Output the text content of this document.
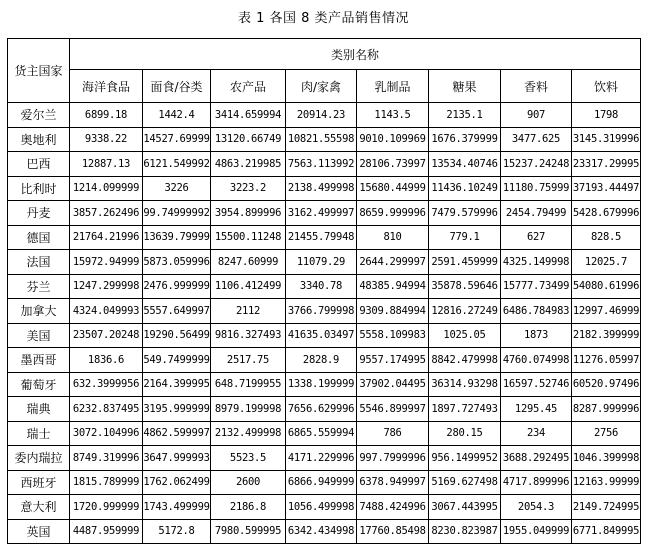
表 1 各国 8 类产品销售情况
货主国家	类别名称							
	海洋食品	面食/谷类	农产品	肉/家禽	乳制品	糖果	香料	饮料
爱尔兰	6899.18	1442.4	3414.659994	20914.23	1143.5	2135.1	907	1798
奥地利	9338.22	14527.69999	13120.66749	10821.55598	9010.109969	1676.379999	3477.625	3145.319996
巴西	12887.13	6121.549992	4863.219985	7563.113992	28106.73997	13534.40746	15237.24248	23317.29995
比利时	1214.099999	3226	3223.2	2138.499998	15680.44999	11436.10249	11180.75999	37193.44497
丹麦	3857.262496	99.74999992	3954.899996	3162.499997	8659.999996	7479.579996	2454.79499	5428.679996
德国	21764.21996	13639.79999	15500.11248	21455.79948	810	779.1	627	828.5
法国	15972.94999	5873.059996	8247.60999	11079.29	2644.299997	2591.459999	4325.149998	12025.7
芬兰	1247.299998	2476.999999	1106.412499	3340.78	48385.94994	35878.59646	15777.73499	54080.61996
加拿大	4324.049993	5557.649997	2112	3766.799998	9309.884994	12816.27249	6486.784983	12997.46999
美国	23507.20248	19290.56499	9816.327493	41635.03497	5558.109983	1025.05	1873	2182.399999
墨西哥	1836.6	549.7499999	2517.75	2828.9	9557.174995	8842.479998	4760.074998	11276.05997
葡萄牙	632.3999956	2164.399995	648.7199955	1338.199999	37902.04495	36314.93298	16597.52746	60520.97496
瑞典	6232.837495	3195.999999	8979.199998	7656.629996	5546.899997	1897.727493	1295.45	8287.999996
瑞士	3072.104996	4862.599997	2132.499998	6865.559994	786	280.15	234	2756
委内瑞拉	8749.319996	3647.999993	5523.5	4171.229996	997.7999996	956.1499952	3688.292495	1046.399998
西班牙	1815.789999	1762.062499	2600	6866.949999	6378.949997	5169.627498	4717.899996	12163.99999
意大利	1720.999999	1743.499999	2186.8	1056.499998	7488.424996	3067.443995	2054.3	2149.724995
英国	4487.959999	5172.8	7980.599995	6342.434998	17760.85498	8230.823987	1955.049999	6771.849995
